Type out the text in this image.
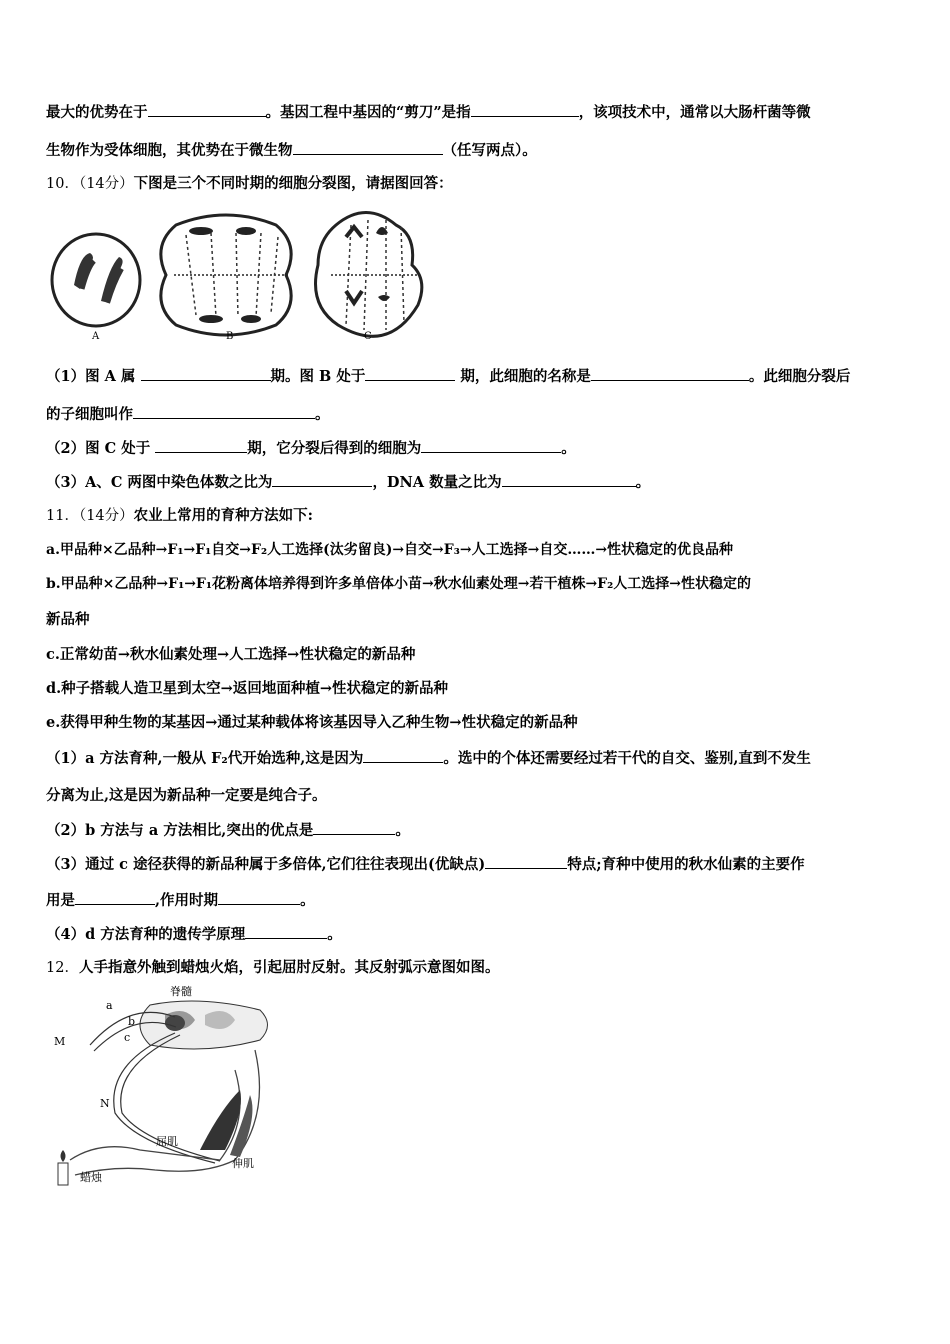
最大的优势在于	。基因工程中基因的“剪刀”是指	，该项技术中，通常以大肠杆菌等微
生物作为受体细胞，其优势在于微生物	（任写两点）。
10．（14分）下图是三个不同时期的细胞分裂图，请据图回答：
A	B	C
（1）图 A 属	期。图 B 处于	期，此细胞的名称是	。此细胞分裂后
的子细胞叫作	。
（2）图 C 处于	期，它分裂后得到的细胞为	。
（3）A、C 两图中染色体数之比为	，DNA 数量之比为	。
11．（14分）农业上常用的育种方法如下:
a.甲品种×乙品种→F₁→F₁自交→F₂人工选择(汰劣留良)→自交→F₃→人工选择→自交……→性状稳定的优良品种
b.甲品种×乙品种→F₁→F₁花粉离体培养得到许多单倍体小苗→秋水仙素处理→若干植株→F₂人工选择→性状稳定的
新品种
c.正常幼苗→秋水仙素处理→人工选择→性状稳定的新品种
d.种子搭载人造卫星到太空→返回地面种植→性状稳定的新品种
e.获得甲种生物的某基因→通过某种载体将该基因导入乙种生物→性状稳定的新品种
（1）a 方法育种,一般从 F₂代开始选种,这是因为	。选中的个体还需要经过若干代的自交、鉴别,直到不发生
分离为止,这是因为新品种一定要是纯合子。
（2）b 方法与 a 方法相比,突出的优点是	。
（3）通过 c 途径获得的新品种属于多倍体,它们往往表现出(优缺点)	特点;育种中使用的秋水仙素的主要作
用是	,作用时期	。
（4）d 方法育种的遗传学原理	。
12．人手指意外触到蜡烛火焰，引起屈肘反射。其反射弧示意图如图。
脊髓
a
b
c
M
N
屈肌
伸肌
蜡烛
